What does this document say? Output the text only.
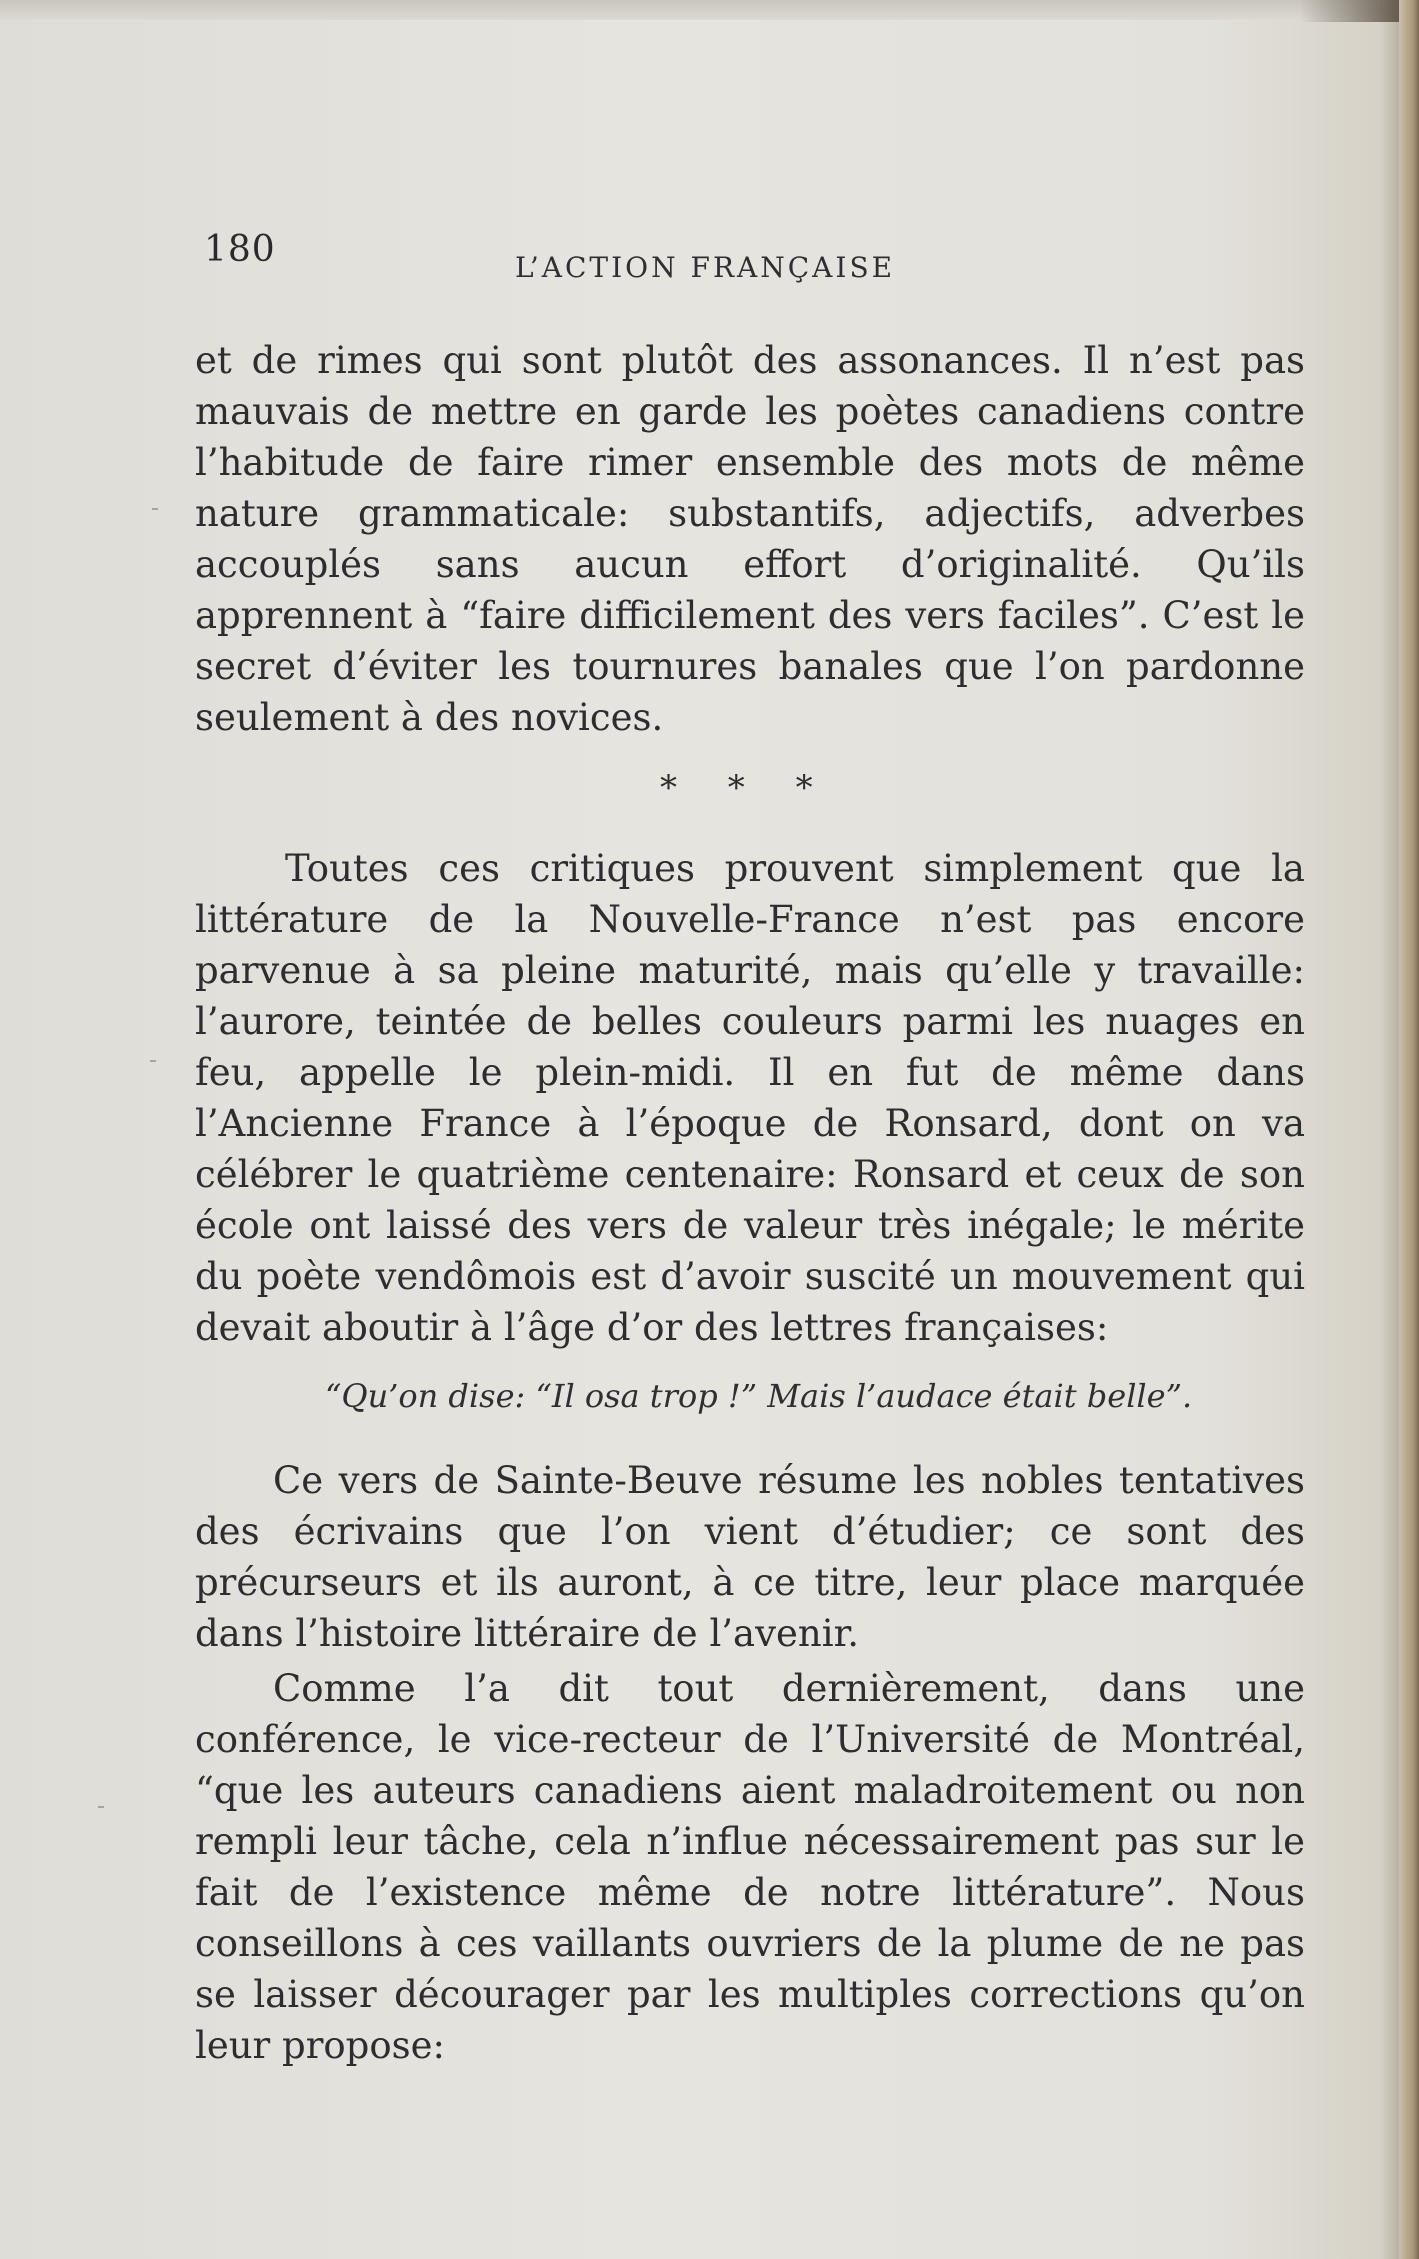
180	L’ACTION FRANÇAISE

et de rimes qui sont plutôt des assonances. Il n’est pas mauvais de mettre en garde les poètes canadiens contre l’habitude de faire rimer ensemble des mots de même nature grammaticale: substantifs, adjectifs, adverbes accouplés sans aucun effort d’originalité. Qu’ils apprennent à “faire difficilement des vers faciles”. C’est le secret d’éviter les tournures banales que l’on pardonne seulement à des novices.

* * *

Toutes ces critiques prouvent simplement que la littérature de la Nouvelle-France n’est pas encore parvenue à sa pleine maturité, mais qu’elle y travaille: l’aurore, teintée de belles couleurs parmi les nuages en feu, appelle le plein-midi. Il en fut de même dans l’Ancienne France à l’époque de Ronsard, dont on va célébrer le quatrième centenaire: Ronsard et ceux de son école ont laissé des vers de valeur très inégale; le mérite du poète vendômois est d’avoir suscité un mouvement qui devait aboutir à l’âge d’or des lettres françaises:

“Qu’on dise: “Il osa trop !” Mais l’audace était belle”.

Ce vers de Sainte-Beuve résume les nobles tentatives des écrivains que l’on vient d’étudier; ce sont des précurseurs et ils auront, à ce titre, leur place marquée dans l’histoire littéraire de l’avenir.

Comme l’a dit tout dernièrement, dans une conférence, le vice-recteur de l’Université de Montréal, “que les auteurs canadiens aient maladroitement ou non rempli leur tâche, cela n’influe nécessairement pas sur le fait de l’existence même de notre littérature”. Nous conseillons à ces vaillants ouvriers de la plume de ne pas se laisser décourager par les multiples corrections qu’on leur propose:
